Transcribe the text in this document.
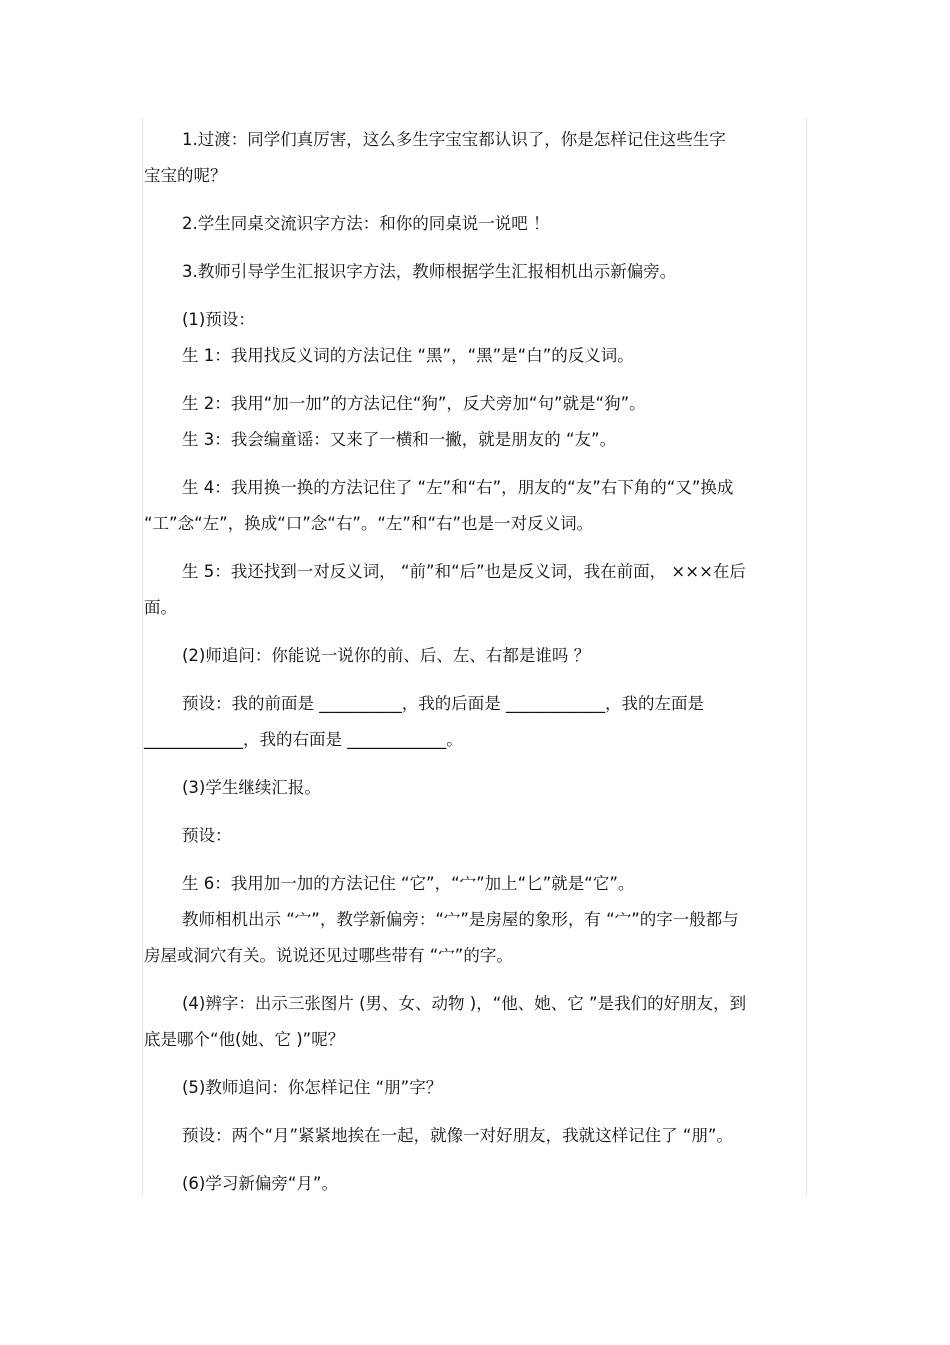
1.过渡：同学们真厉害，这么多生字宝宝都认识了，你是怎样记住这些生字
宝宝的呢？
2.学生同桌交流识字方法：和你的同桌说一说吧 ！
3.教师引导学生汇报识字方法，教师根据学生汇报相机出示新偏旁。
(1)预设：
生 1：我用找反义词的方法记住 “黑”，“黑”是“白”的反义词。
生 2：我用“加一加”的方法记住“狗”，反犬旁加“句”就是“狗”。
生 3：我会编童谣：又来了一横和一撇，就是朋友的 “友”。
生 4：我用换一换的方法记住了 “左”和“右”，朋友的“友”右下角的“又”换成
“工”念“左”，换成“口”念“右”。“左”和“右”也是一对反义词。
生 5：我还找到一对反义词， “前”和“后”也是反义词，我在前面， ×××在后
面。
(2)师追问：你能说一说你的前、后、左、右都是谁吗 ？
预设：我的前面是 __________，我的后面是 ____________，我的左面是
____________，我的右面是 ____________。
(3)学生继续汇报。
预设：
生 6：我用加一加的方法记住 “它”，“宀”加上“匕”就是“它”。
教师相机出示 “宀”，教学新偏旁：“宀”是房屋的象形，有 “宀”的字一般都与
房屋或洞穴有关。说说还见过哪些带有 “宀”的字。
(4)辨字：出示三张图片 (男、女、动物 )，“他、她、它 ”是我们的好朋友，到
底是哪个“他(她、它 )”呢？
(5)教师追问：你怎样记住 “朋”字？
预设：两个“月”紧紧地挨在一起，就像一对好朋友，我就这样记住了 “朋”。
(6)学习新偏旁“月”。
